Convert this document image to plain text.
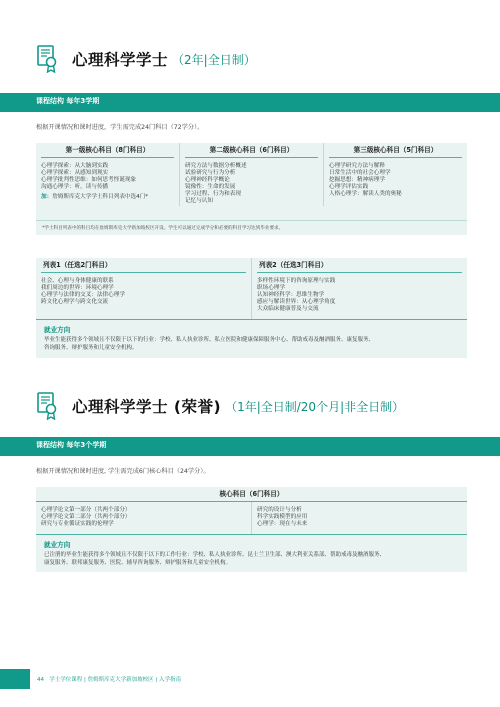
心理科学学士 （2年|全日制）
课程结构 每年3学期
根据开课情况和课时进度，学生需完成24门科目（72学分）。
第一级核心科目（8门科目）
心理学探索：从大脑到实践
心理学探索：从感知到现实
心理学批判性思维：如何思考怪诞现象
沟通心理学：听，读与传播
加：詹姆斯库克大学学士科目列表中选4门*
第二级核心科目（6门科目）
研究方法与数据分析概述
试验研究与行为分析
心理神经科学概论
镜像性：生命的发展
学习过程、行为和表现
记忆与认知
第三级核心科目（5门科目）
心理学研究方法与解释
日常生活中的社会心理学
挖掘思想：精神病理学
心理学评估实践
人格心理学：解读人类的奥秘
*学士科目列表中的科目均在詹姆斯库克大学新加坡校区开设。学生可以通过完成学分和必要的科目学习达到毕业要求。
列表1（任选2门科目）
社会、心理与身体健康的联系
我们周边的世界：环境心理学
心理学与法律的交叉：法律心理学
跨文化心理学与跨文化交流
列表2（任选3门科目）
多样性环境下的咨询原理与实践
职场心理学
认知神经科学：思维生物学
感应与解读世界：从心理学角度
大众临床健康普及与交流
就业方向
毕业生能获得多个领域且不仅限于以下的行业：学校、私人执业诊所、私立医院和健康保障服务中心、帮助戒毒及酗酒服务、康复服务、
咨询服务、辩护服务和儿童安全机构。
心理科学学士 (荣誉) （1年|全日制/20个月|非全日制）
课程结构 每年3个学期
根据开课情况和课时进度, 学生需完成6门核心科目（24学分）。
核心科目（6门科目）
心理学论文第一部分（共两个部分）
心理学论文第二部分（共两个部分）
研究与专业循证实践的伦理学
研究的设计与分析
科学实践模型的应用
心理学：现在与未来
就业方向
已注册的毕业生能获得多个领域且不仅限于以下的工作行业：学校、私人执业诊所、昆士兰卫生部、澳大利亚关系部、帮助戒毒及酗酒服务、
康复服务、联邦康复服务、医院、辅导咨询服务、辩护服务和儿童安全机构。
44 学士学位课程 | 詹姆斯库克大学新加坡校区 | 入学指南
